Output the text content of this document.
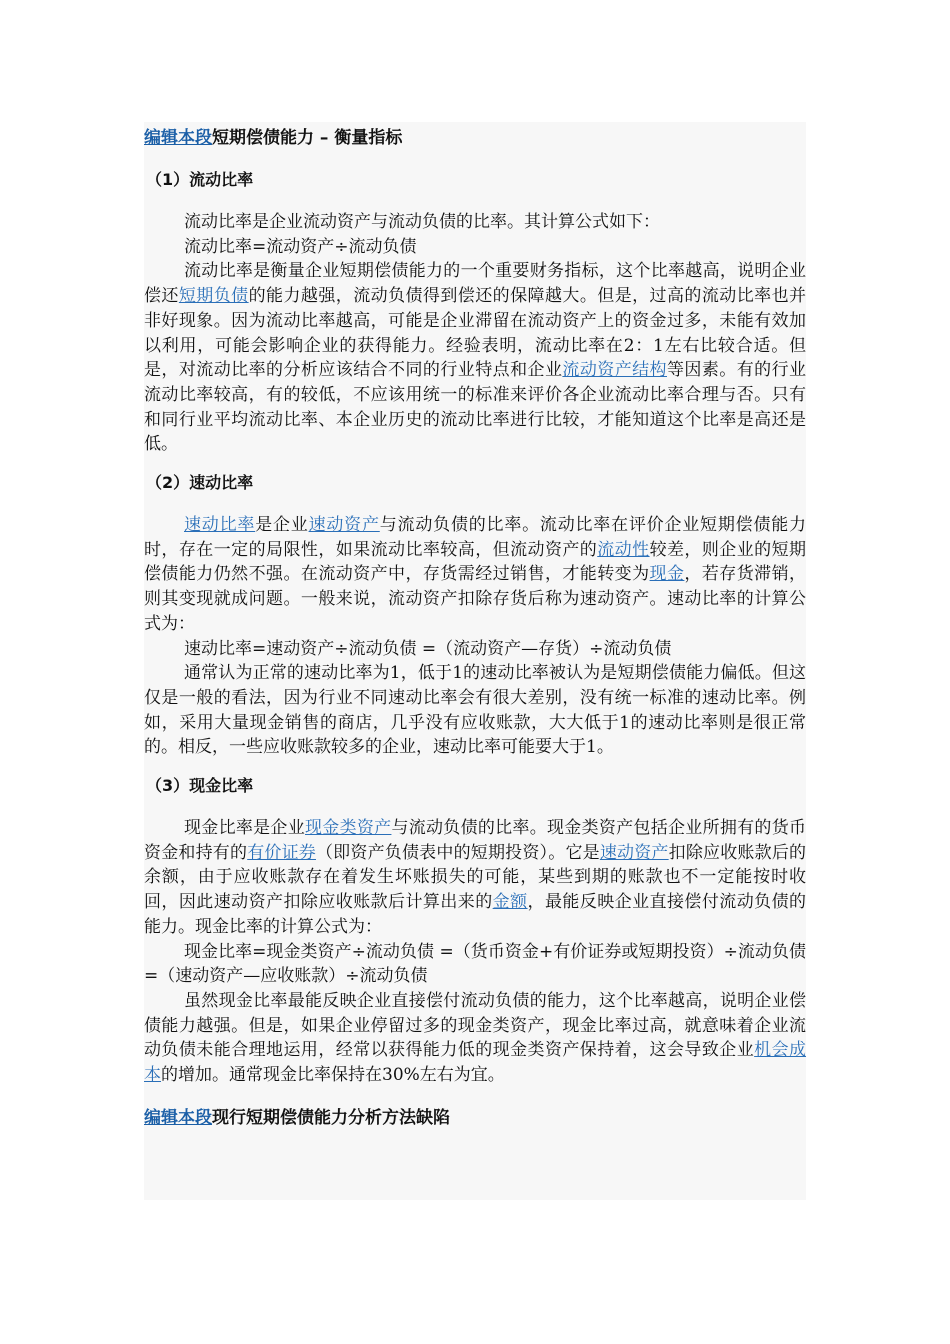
编辑本段短期偿债能力 – 衡量指标
（1）流动比率

流动比率是企业流动资产与流动负债的比率。其计算公式如下：

流动比率=流动资产÷流动负债

流动比率是衡量企业短期偿债能力的一个重要财务指标，这个比率越高，说明企业偿还短期负债的能力越强，流动负债得到偿还的保障越大。但是，过高的流动比率也并非好现象。因为流动比率越高，可能是企业滞留在流动资产上的资金过多，未能有效加以利用，可能会影响企业的获得能力。经验表明，流动比率在2：1左右比较合适。但是，对流动比率的分析应该结合不同的行业特点和企业流动资产结构等因素。有的行业流动比率较高，有的较低，不应该用统一的标准来评价各企业流动比率合理与否。只有和同行业平均流动比率、本企业历史的流动比率进行比较，才能知道这个比率是高还是低。

（2）速动比率

速动比率是企业速动资产与流动负债的比率。流动比率在评价企业短期偿债能力时，存在一定的局限性，如果流动比率较高，但流动资产的流动性较差，则企业的短期偿债能力仍然不强。在流动资产中，存货需经过销售，才能转变为现金，若存货滞销，则其变现就成问题。一般来说，流动资产扣除存货后称为速动资产。速动比率的计算公式为：

速动比率=速动资产÷流动负债 =（流动资产—存货）÷流动负债

通常认为正常的速动比率为1，低于1的速动比率被认为是短期偿债能力偏低。但这仅是一般的看法，因为行业不同速动比率会有很大差别，没有统一标准的速动比率。例如，采用大量现金销售的商店，几乎没有应收账款，大大低于1的速动比率则是很正常的。相反，一些应收账款较多的企业，速动比率可能要大于1。

（3）现金比率

现金比率是企业现金类资产与流动负债的比率。现金类资产包括企业所拥有的货币资金和持有的有价证券（即资产负债表中的短期投资）。它是速动资产扣除应收账款后的余额，由于应收账款存在着发生坏账损失的可能，某些到期的账款也不一定能按时收回，因此速动资产扣除应收账款后计算出来的金额，最能反映企业直接偿付流动负债的能力。现金比率的计算公式为：

现金比率=现金类资产÷流动负债 =（货币资金+有价证券或短期投资）÷流动负债 =（速动资产—应收账款）÷流动负债

虽然现金比率最能反映企业直接偿付流动负债的能力，这个比率越高，说明企业偿债能力越强。但是，如果企业停留过多的现金类资产，现金比率过高，就意味着企业流动负债未能合理地运用，经常以获得能力低的现金类资产保持着，这会导致企业机会成本的增加。通常现金比率保持在30%左右为宜。

编辑本段现行短期偿债能力分析方法缺陷
